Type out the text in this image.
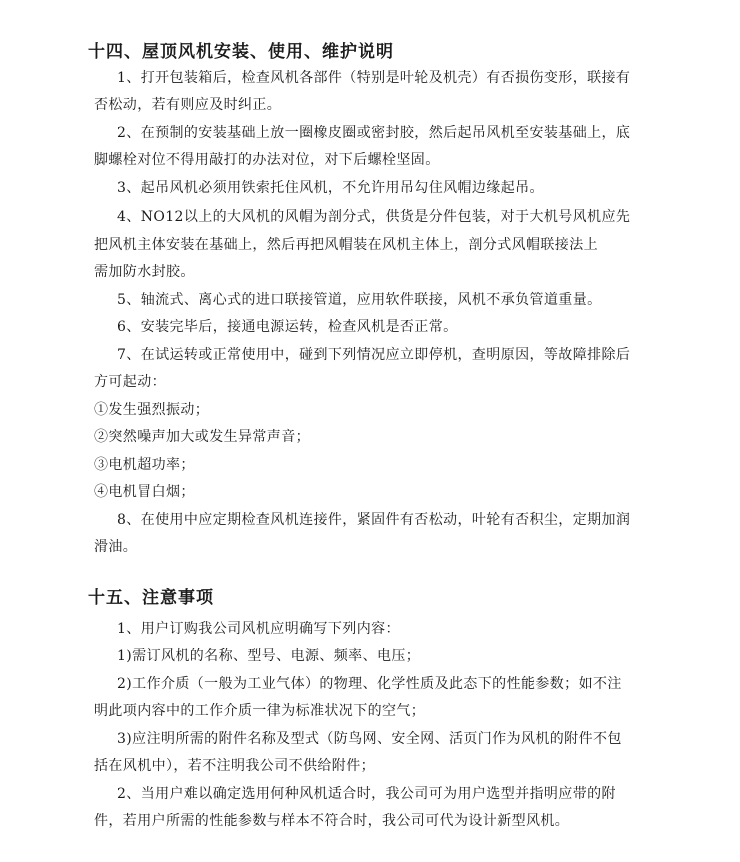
十四、屋顶风机安装、使用、维护说明
1、打开包装箱后，检查风机各部件（特别是叶轮及机壳）有否损伤变形，联接有
否松动，若有则应及时纠正。
2、在预制的安装基础上放一圈橡皮圈或密封胶，然后起吊风机至安装基础上，底
脚螺栓对位不得用敲打的办法对位，对下后螺栓坚固。
3、起吊风机必须用铁索托住风机，不允许用吊勾住风帽边缘起吊。
4、NO12以上的大风机的风帽为剖分式，供货是分件包装，对于大机号风机应先
把风机主体安装在基础上，然后再把风帽装在风机主体上，剖分式风帽联接法上
需加防水封胶。
5、轴流式、离心式的进口联接管道，应用软件联接，风机不承负管道重量。
6、安装完毕后，接通电源运转，检查风机是否正常。
7、在试运转或正常使用中，碰到下列情况应立即停机，查明原因，等故障排除后
方可起动：
①发生强烈振动；
②突然噪声加大或发生异常声音；
③电机超功率；
④电机冒白烟；
8、在使用中应定期检查风机连接件，紧固件有否松动，叶轮有否积尘，定期加润
滑油。
十五、注意事项
1、用户订购我公司风机应明确写下列内容：
1)需订风机的名称、型号、电源、频率、电压；
2)工作介质（一般为工业气体）的物理、化学性质及此态下的性能参数；如不注
明此项内容中的工作介质一律为标准状况下的空气；
3)应注明所需的附件名称及型式（防鸟网、安全网、活页门作为风机的附件不包
括在风机中），若不注明我公司不供给附件；
2、当用户难以确定选用何种风机适合时，我公司可为用户选型并指明应带的附
件，若用户所需的性能参数与样本不符合时，我公司可代为设计新型风机。
